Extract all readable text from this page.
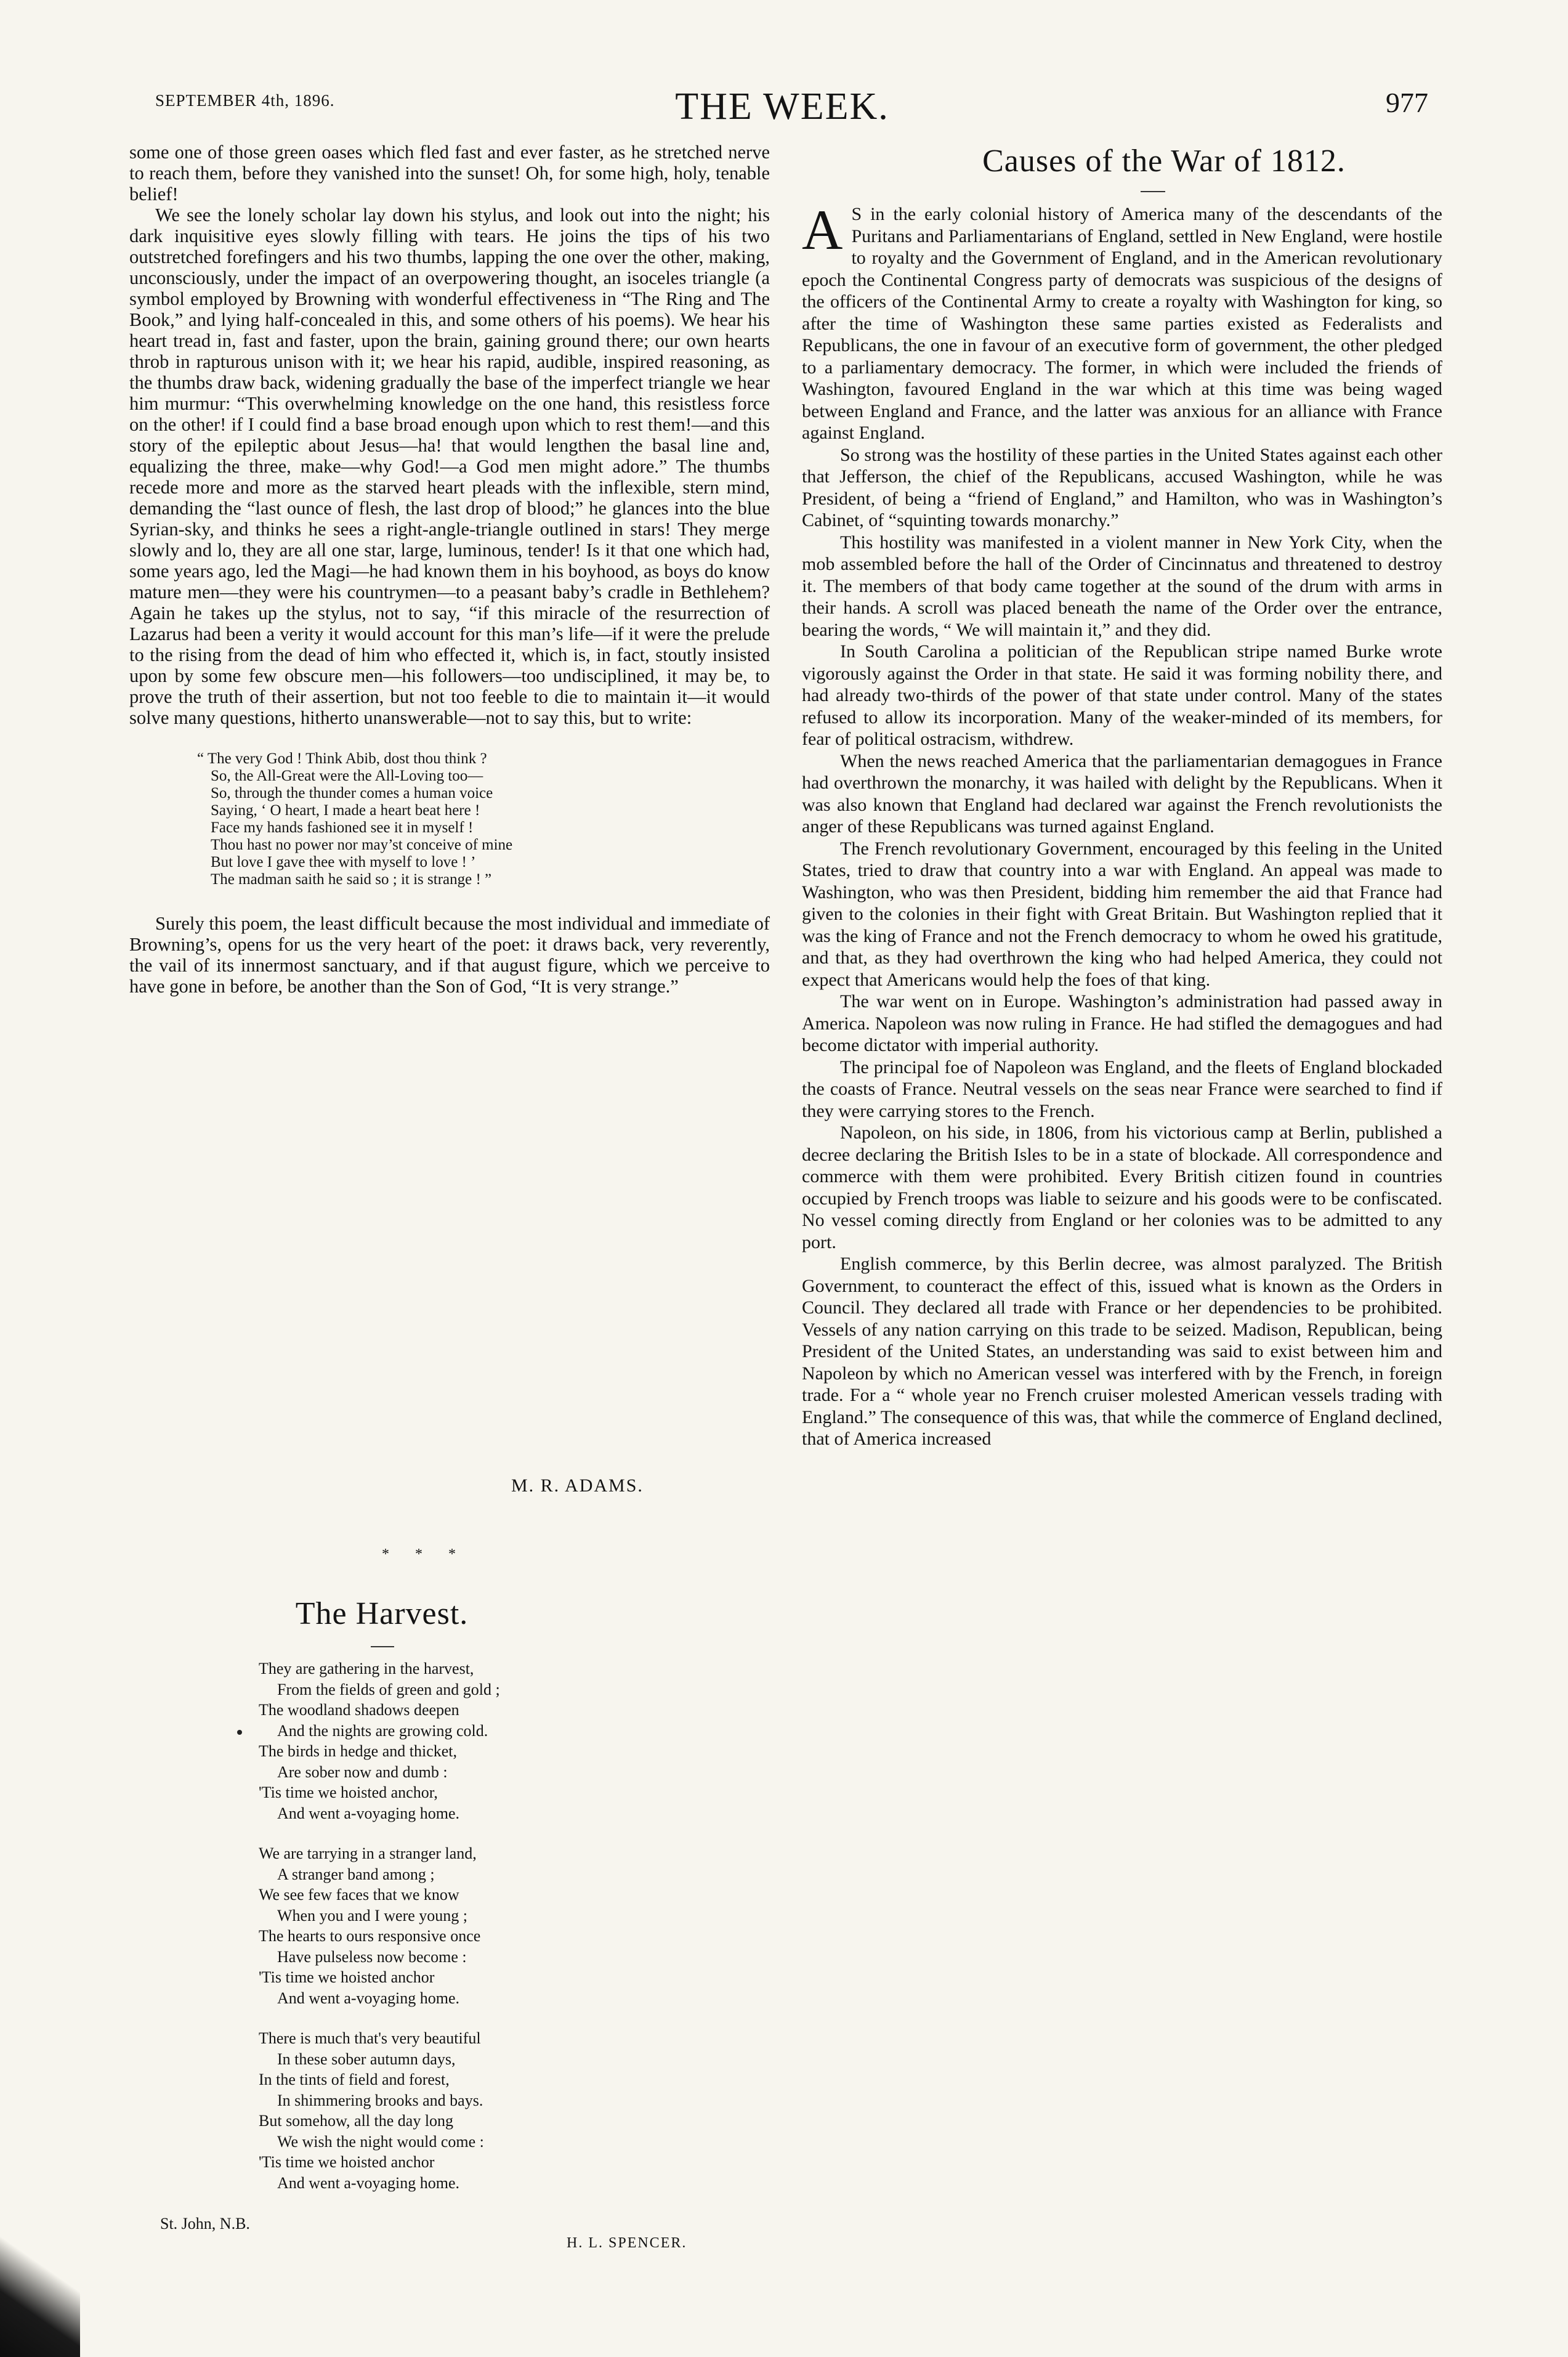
SEPTEMBER 4th, 1896.	THE WEEK.	977

some one of those green oases which fled fast and ever faster, as he stretched nerve to reach them, before they vanished into the sunset! Oh, for some high, holy, tenable belief!

We see the lonely scholar lay down his stylus, and look out into the night; his dark inquisitive eyes slowly filling with tears. He joins the tips of his two outstretched forefingers and his two thumbs, lapping the one over the other, making, unconsciously, under the impact of an overpowering thought, an isoceles triangle (a symbol employed by Browning with wonderful effectiveness in “The Ring and The Book,” and lying half-concealed in this, and some others of his poems). We hear his heart tread in, fast and faster, upon the brain, gaining ground there; our own hearts throb in rapturous unison with it; we hear his rapid, audible, inspired reasoning, as the thumbs draw back, widening gradually the base of the imperfect triangle we hear him murmur: “This overwhelming knowledge on the one hand, this resistless force on the other! if I could find a base broad enough upon which to rest them!—and this story of the epileptic about Jesus—ha! that would lengthen the basal line and, equalizing the three, make—why God!—a God men might adore.” The thumbs recede more and more as the starved heart pleads with the inflexible, stern mind, demanding the “last ounce of flesh, the last drop of blood;” he glances into the blue Syrian-sky, and thinks he sees a right-angle-triangle outlined in stars! They merge slowly and lo, they are all one star, large, luminous, tender! Is it that one which had, some years ago, led the Magi—he had known them in his boyhood, as boys do know mature men—they were his countrymen—to a peasant baby’s cradle in Bethlehem? Again he takes up the stylus, not to say, “if this miracle of the resurrection of Lazarus had been a verity it would account for this man’s life—if it were the prelude to the rising from the dead of him who effected it, which is, in fact, stoutly insisted upon by some few obscure men—his followers—too undisciplined, it may be, to prove the truth of their assertion, but not too feeble to die to maintain it—it would solve many questions, hitherto unanswerable—not to say this, but to write:

“ The very God ! Think Abib, dost thou think ?
So, the All-Great were the All-Loving too—
So, through the thunder comes a human voice
Saying, ‘ O heart, I made a heart beat here !
Face my hands fashioned see it in myself !
Thou hast no power nor may’st conceive of mine
But love I gave thee with myself to love ! ’
The madman saith he said so ; it is strange ! ”

Surely this poem, the least difficult because the most individual and immediate of Browning’s, opens for us the very heart of the poet: it draws back, very reverently, the vail of its innermost sanctuary, and if that august figure, which we perceive to have gone in before, be another than the Son of God, “It is very strange.”

M. R. ADAMS.
* * *
The Harvest.
They are gathering in the harvest,
From the fields of green and gold ;
The woodland shadows deepen
And the nights are growing cold.
The birds in hedge and thicket,
Are sober now and dumb :
'Tis time we hoisted anchor,
And went a-voyaging home.
We are tarrying in a stranger land,
A stranger band among ;
We see few faces that we know
When you and I were young ;
The hearts to ours responsive once
Have pulseless now become :
'Tis time we hoisted anchor
And went a-voyaging home.
There is much that's very beautiful
In these sober autumn days,
In the tints of field and forest,
In shimmering brooks and bays.
But somehow, all the day long
We wish the night would come :
'Tis time we hoisted anchor
And went a-voyaging home.
St. John, N.B.
H. L. SPENCER.
Causes of the War of 1812.

A S in the early colonial history of America many of the descendants of the Puritans and Parliamentarians of England, settled in New England, were hostile to royalty and the Government of England, and in the American revolutionary epoch the Continental Congress party of democrats was suspicious of the designs of the officers of the Continental Army to create a royalty with Washington for king, so after the time of Washington these same parties existed as Federalists and Republicans, the one in favour of an executive form of government, the other pledged to a parliamentary democracy. The former, in which were included the friends of Washington, favoured England in the war which at this time was being waged between England and France, and the latter was anxious for an alliance with France against England.

So strong was the hostility of these parties in the United States against each other that Jefferson, the chief of the Republicans, accused Washington, while he was President, of being a “friend of England,” and Hamilton, who was in Washington’s Cabinet, of “squinting towards monarchy.”

This hostility was manifested in a violent manner in New York City, when the mob assembled before the hall of the Order of Cincinnatus and threatened to destroy it. The members of that body came together at the sound of the drum with arms in their hands. A scroll was placed beneath the name of the Order over the entrance, bearing the words, “ We will maintain it,” and they did.

In South Carolina a politician of the Republican stripe named Burke wrote vigorously against the Order in that state. He said it was forming nobility there, and had already two-thirds of the power of that state under control. Many of the states refused to allow its incorporation. Many of the weaker-minded of its members, for fear of political ostracism, withdrew.

When the news reached America that the parliamentarian demagogues in France had overthrown the monarchy, it was hailed with delight by the Republicans. When it was also known that England had declared war against the French revolutionists the anger of these Republicans was turned against England.

The French revolutionary Government, encouraged by this feeling in the United States, tried to draw that country into a war with England. An appeal was made to Washington, who was then President, bidding him remember the aid that France had given to the colonies in their fight with Great Britain. But Washington replied that it was the king of France and not the French democracy to whom he owed his gratitude, and that, as they had overthrown the king who had helped America, they could not expect that Americans would help the foes of that king.

The war went on in Europe. Washington’s administration had passed away in America. Napoleon was now ruling in France. He had stifled the demagogues and had become dictator with imperial authority.

The principal foe of Napoleon was England, and the fleets of England blockaded the coasts of France. Neutral vessels on the seas near France were searched to find if they were carrying stores to the French.

Napoleon, on his side, in 1806, from his victorious camp at Berlin, published a decree declaring the British Isles to be in a state of blockade. All correspondence and commerce with them were prohibited. Every British citizen found in countries occupied by French troops was liable to seizure and his goods were to be confiscated. No vessel coming directly from England or her colonies was to be admitted to any port.

English commerce, by this Berlin decree, was almost paralyzed. The British Government, to counteract the effect of this, issued what is known as the Orders in Council. They declared all trade with France or her dependencies to be prohibited. Vessels of any nation carrying on this trade to be seized. Madison, Republican, being President of the United States, an understanding was said to exist between him and Napoleon by which no American vessel was interfered with by the French, in foreign trade. For a “ whole year no French cruiser molested American vessels trading with England.” The consequence of this was, that while the commerce of England declined, that of America increased
